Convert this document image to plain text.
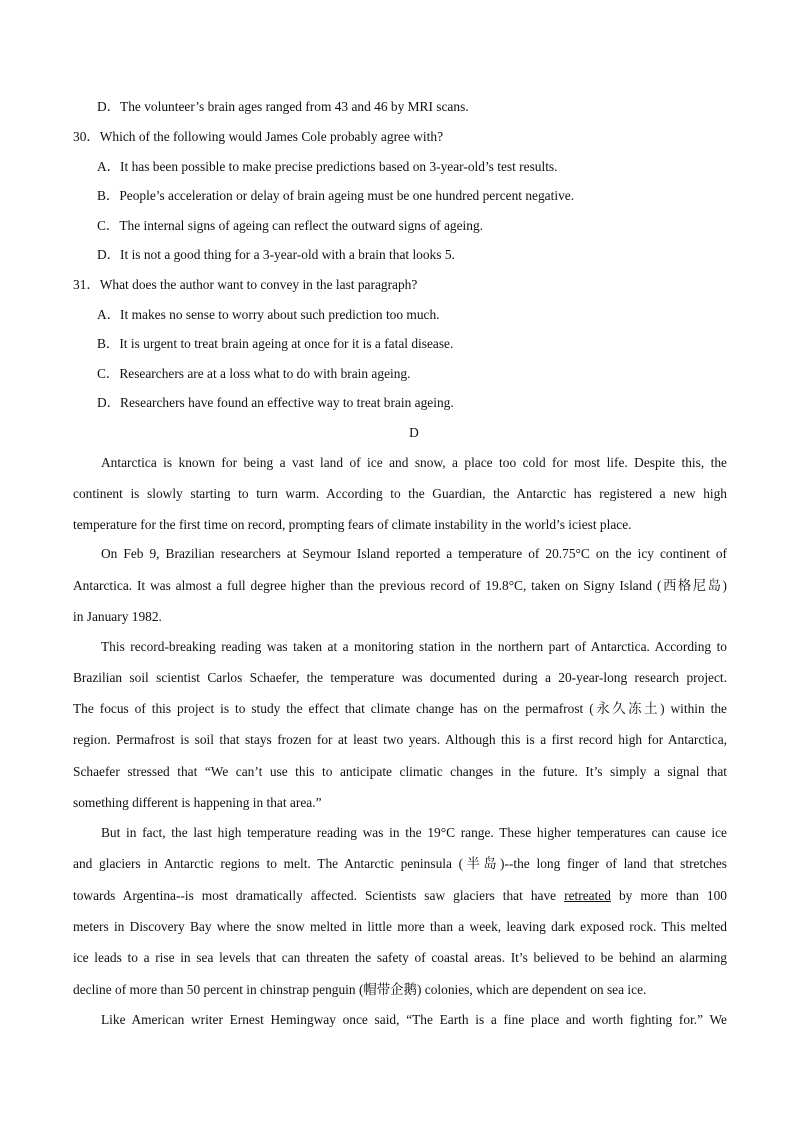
D．The volunteer’s brain ages ranged from 43 and 46 by MRI scans.
30．Which of the following would James Cole probably agree with?
A．It has been possible to make precise predictions based on 3-year-old’s test results.
B．People’s acceleration or delay of brain ageing must be one hundred percent negative.
C．The internal signs of ageing can reflect the outward signs of ageing.
D．It is not a good thing for a 3-year-old with a brain that looks 5.
31．What does the author want to convey in the last paragraph?
A．It makes no sense to worry about such prediction too much.
B．It is urgent to treat brain ageing at once for it is a fatal disease.
C．Researchers are at a loss what to do with brain ageing.
D．Researchers have found an effective way to treat brain ageing.
D
Antarctica is known for being a vast land of ice and snow, a place too cold for most life. Despite this, the
continent is slowly starting to turn warm. According to the Guardian, the Antarctic has registered a new high
temperature for the first time on record, prompting fears of climate instability in the world’s iciest place.
On Feb 9, Brazilian researchers at Seymour Island reported a temperature of 20.75°C on the icy continent of
Antarctica. It was almost a full degree higher than the previous record of 19.8°C, taken on Signy Island (西格尼岛)
in January 1982.
This record-breaking reading was taken at a monitoring station in the northern part of Antarctica. According to
Brazilian soil scientist Carlos Schaefer, the temperature was documented during a 20-year-long research project.
The focus of this project is to study the effect that climate change has on the permafrost (永久冻土) within the
region. Permafrost is soil that stays frozen for at least two years. Although this is a first record high for Antarctica,
Schaefer stressed that “We can’t use this to anticipate climatic changes in the future. It’s simply a signal that
something different is happening in that area.”
But in fact, the last high temperature reading was in the 19°C range. These higher temperatures can cause ice
and glaciers in Antarctic regions to melt. The Antarctic peninsula (半岛)--the long finger of land that stretches
towards Argentina--is most dramatically affected. Scientists saw glaciers that have retreated by more than 100
meters in Discovery Bay where the snow melted in little more than a week, leaving dark exposed rock. This melted
ice leads to a rise in sea levels that can threaten the safety of coastal areas. It’s believed to be behind an alarming
decline of more than 50 percent in chinstrap penguin (帽带企鹅) colonies, which are dependent on sea ice.
Like American writer Ernest Hemingway once said, “The Earth is a fine place and worth fighting for.” We
